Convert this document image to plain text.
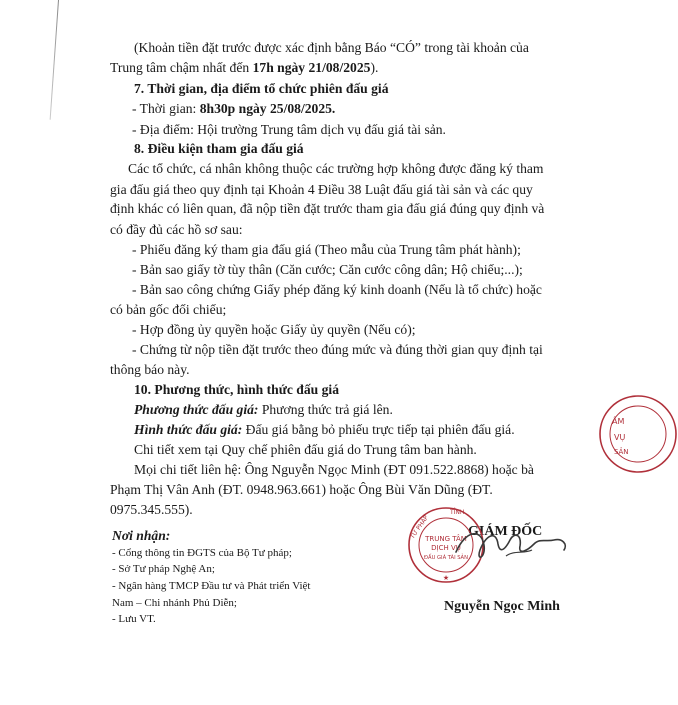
(Khoản tiền đặt trước được xác định bằng Báo “CÓ” trong tài khoản của
Trung tâm chậm nhất đến 17h ngày 21/08/2025).
7. Thời gian, địa điểm tổ chức phiên đấu giá
- Thời gian: 8h30p ngày 25/08/2025.
- Địa điểm: Hội trường Trung tâm dịch vụ đấu giá tài sản.
8. Điều kiện tham gia đấu giá
Các tổ chức, cá nhân không thuộc các trường hợp không được đăng ký tham
gia đấu giá theo quy định tại Khoản 4 Điều 38 Luật đấu giá tài sản và các quy
định khác có liên quan, đã nộp tiền đặt trước tham gia đấu giá đúng quy định và
có đầy đủ các hồ sơ sau:
- Phiếu đăng ký tham gia đấu giá (Theo mẫu của Trung tâm phát hành);
- Bản sao giấy tờ tùy thân (Căn cước; Căn cước công dân; Hộ chiếu;...);
- Bản sao công chứng Giấy phép đăng ký kinh doanh (Nếu là tổ chức) hoặc
có bản gốc đối chiếu;
- Hợp đồng ủy quyền hoặc Giấy ủy quyền (Nếu có);
- Chứng từ nộp tiền đặt trước theo đúng mức và đúng thời gian quy định tại
thông báo này.
10. Phương thức, hình thức đấu giá
Phương thức đấu giá: Phương thức trả giá lên.
Hình thức đấu giá: Đấu giá bằng bỏ phiếu trực tiếp tại phiên đấu giá.
Chi tiết xem tại Quy chế phiên đấu giá do Trung tâm ban hành.
Mọi chi tiết liên hệ: Ông Nguyễn Ngọc Minh (ĐT 091.522.8868) hoặc bà
Phạm Thị Vân Anh (ĐT. 0948.963.661) hoặc Ông Bùi Văn Dũng (ĐT.
0975.345.555).
Nơi nhận:
- Cổng thông tin ĐGTS của Bộ Tư pháp;
- Sở Tư pháp Nghệ An;
- Ngân hàng TMCP Đầu tư và Phát triển Việt
Nam – Chi nhánh Phủ Diễn;
- Lưu VT.
GIÁM ĐỐC
TỈNH
TƯ PHÁP
TRUNG TÂM
DỊCH VỤ
ĐẤU GIÁ TÀI SẢN
★
ÂM
VỤ
SẢN
Nguyễn Ngọc Minh
